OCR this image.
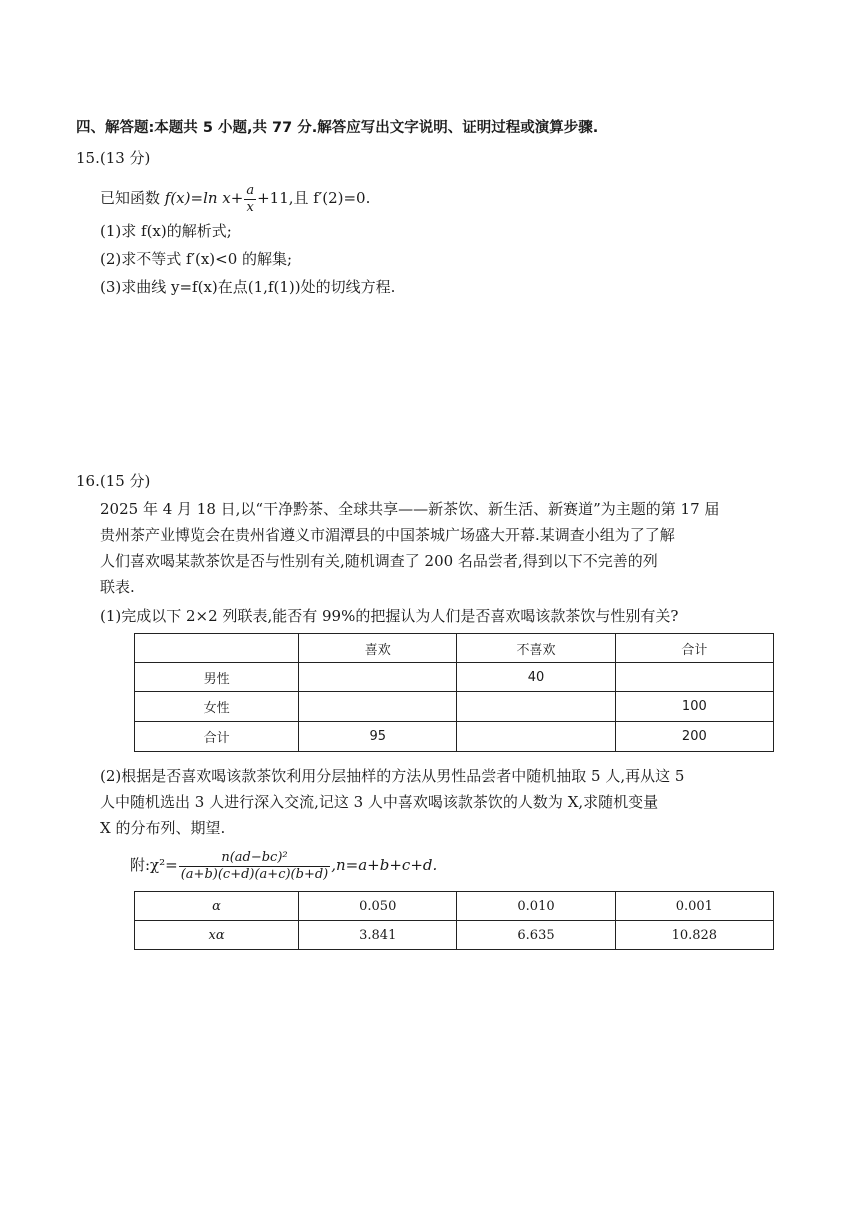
四、解答题:本题共 5 小题,共 77 分.解答应写出文字说明、证明过程或演算步骤.
15.(13 分)
已知函数 f(x)=ln $x+ \frac{a}{x} +11$,且 f′(2)=0.
(1)求 f(x)的解析式;
(2)求不等式 f′(x)<0 的解集;
(3)求曲线 y=f(x)在点(1,f(1))处的切线方程.
16.(15 分)
2025 年 4 月 18 日,以“干净黔茶、全球共享——新茶饮、新生活、新赛道”为主题的第 17 届
贵州茶产业博览会在贵州省遵义市湄潭县的中国茶城广场盛大开幕.某调查小组为了了解
人们喜欢喝某款茶饮是否与性别有关,随机调查了 200 名品尝者,得到以下不完善的列
联表.
(1)完成以下 2×2 列联表,能否有 99%的把握认为人们是否喜欢喝该款茶饮与性别有关?
	喜欢	不喜欢	合计
男性		40	
女性			100
合计	95		200
(2)根据是否喜欢喝该款茶饮利用分层抽样的方法从男性品尝者中随机抽取 5 人,再从这 5
人中随机选出 3 人进行深入交流,记这 3 人中喜欢喝该款茶饮的人数为 X,求随机变量
X 的分布列、期望.
附:χ²= $\frac{\text{n(ad−bc)²}}{(a+b)(c+d)(a+c)(b+d)} ,n=a+b+c+d$.
α	0.050	0.010	0.001
xα	3.841	6.635	10.828
